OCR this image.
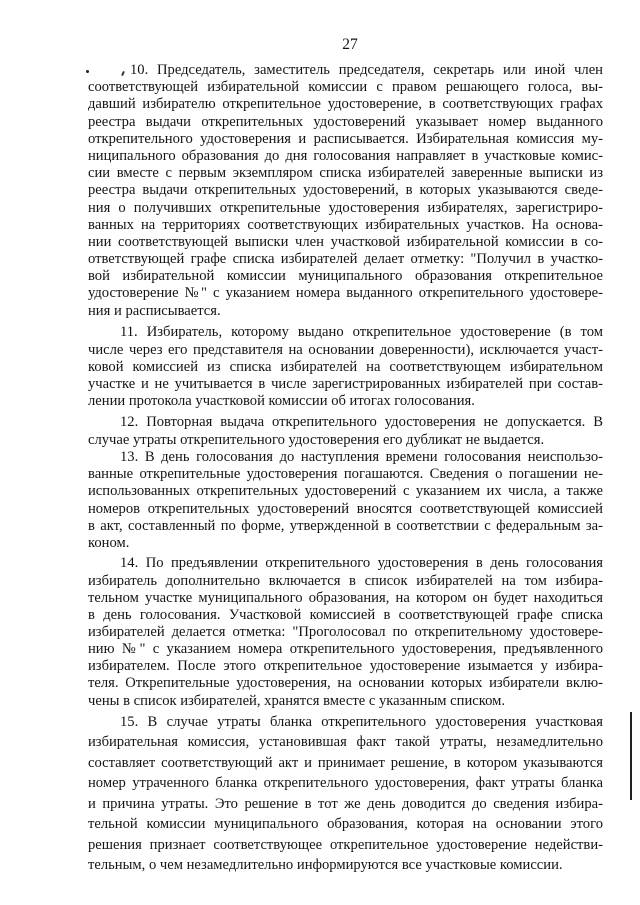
27
10. Председатель, заместитель председателя, секретарь или иной член
соответствующей избирательной комиссии с правом решающего голоса, вы-
давший избирателю открепительное удостоверение, в соответствующих графах
реестра выдачи открепительных удостоверений указывает номер выданного
открепительного удостоверения и расписывается. Избирательная комиссия му-
ниципального образования до дня голосования направляет в участковые комис-
сии вместе с первым экземпляром списка избирателей заверенные выписки из
реестра выдачи открепительных удостоверений, в которых указываются сведе-
ния о получивших открепительные удостоверения избирателях, зарегистриро-
ванных на территориях соответствующих избирательных участков. На основа-
нии соответствующей выписки член участковой избирательной комиссии в со-
ответствующей графе списка избирателей делает отметку: "Получил в участко-
вой избирательной комиссии муниципального образования открепительное
удостоверение №" с указанием номера выданного открепительного удостовере-
ния и расписывается.
11. Избиратель, которому выдано открепительное удостоверение (в том
числе через его представителя на основании доверенности), исключается участ-
ковой комиссией из списка избирателей на соответствующем избирательном
участке и не учитывается в числе зарегистрированных избирателей при состав-
лении протокола участковой комиссии об итогах голосования.
12. Повторная выдача открепительного удостоверения не допускается. В
случае утраты открепительного удостоверения его дубликат не выдается.
13. В день голосования до наступления времени голосования неиспользо-
ванные открепительные удостоверения погашаются. Сведения о погашении не-
использованных открепительных удостоверений с указанием их числа, а также
номеров открепительных удостоверений вносятся соответствующей комиссией
в акт, составленный по форме, утвержденной в соответствии с федеральным за-
коном.
14. По предъявлении открепительного удостоверения в день голосования
избиратель дополнительно включается в список избирателей на том избира-
тельном участке муниципального образования, на котором он будет находиться
в день голосования. Участковой комиссией в соответствующей графе списка
избирателей делается отметка: "Проголосовал по открепительному удостовере-
нию №" с указанием номера открепительного удостоверения, предъявленного
избирателем. После этого открепительное удостоверение изымается у избира-
теля. Открепительные удостоверения, на основании которых избиратели вклю-
чены в список избирателей, хранятся вместе с указанным списком.
15. В случае утраты бланка открепительного удостоверения участковая
избирательная комиссия, установившая факт такой утраты, незамедлительно
составляет соответствующий акт и принимает решение, в котором указываются
номер утраченного бланка открепительного удостоверения, факт утраты бланка
и причина утраты. Это решение в тот же день доводится до сведения избира-
тельной комиссии муниципального образования, которая на основании этого
решения признает соответствующее открепительное удостоверение недействи-
тельным, о чем незамедлительно информируются все участковые комиссии.
